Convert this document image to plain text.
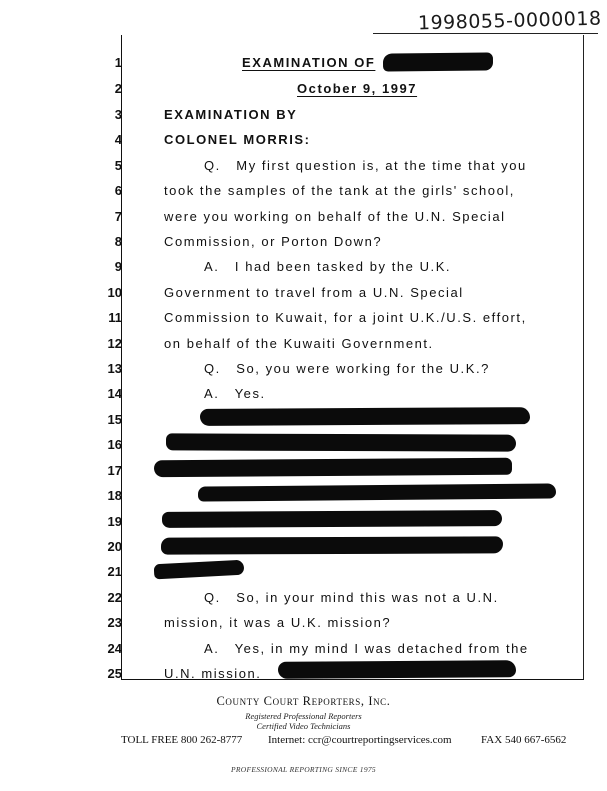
1998055-0000018
1
2
3
4
5
6
7
8
9
10
11
12
13
14
15
16
17
18
19
20
21
22
23
24
25
EXAMINATION OF
October 9, 1997
EXAMINATION BY
COLONEL MORRIS:
Q.   My first question is, at the time that you
took the samples of the tank at the girls' school,
were you working on behalf of the U.N. Special
Commission, or Porton Down?
A.   I had been tasked by the U.K.
Government to travel from a U.N. Special
Commission to Kuwait, for a joint U.K./U.S. effort,
on behalf of the Kuwaiti Government.
Q.   So, you were working for the U.K.?
A.   Yes.
Q.   So, in your mind this was not a U.N.
mission, it was a U.K. mission?
A.   Yes, in my mind I was detached from the
U.N. mission.
County Court Reporters, Inc.
Registered Professional Reporters
Certified Video Technicians
TOLL FREE 800 262-8777 Internet: ccr@courtreportingservices.com	FAX 540 667-6562
PROFESSIONAL REPORTING SINCE 1975
